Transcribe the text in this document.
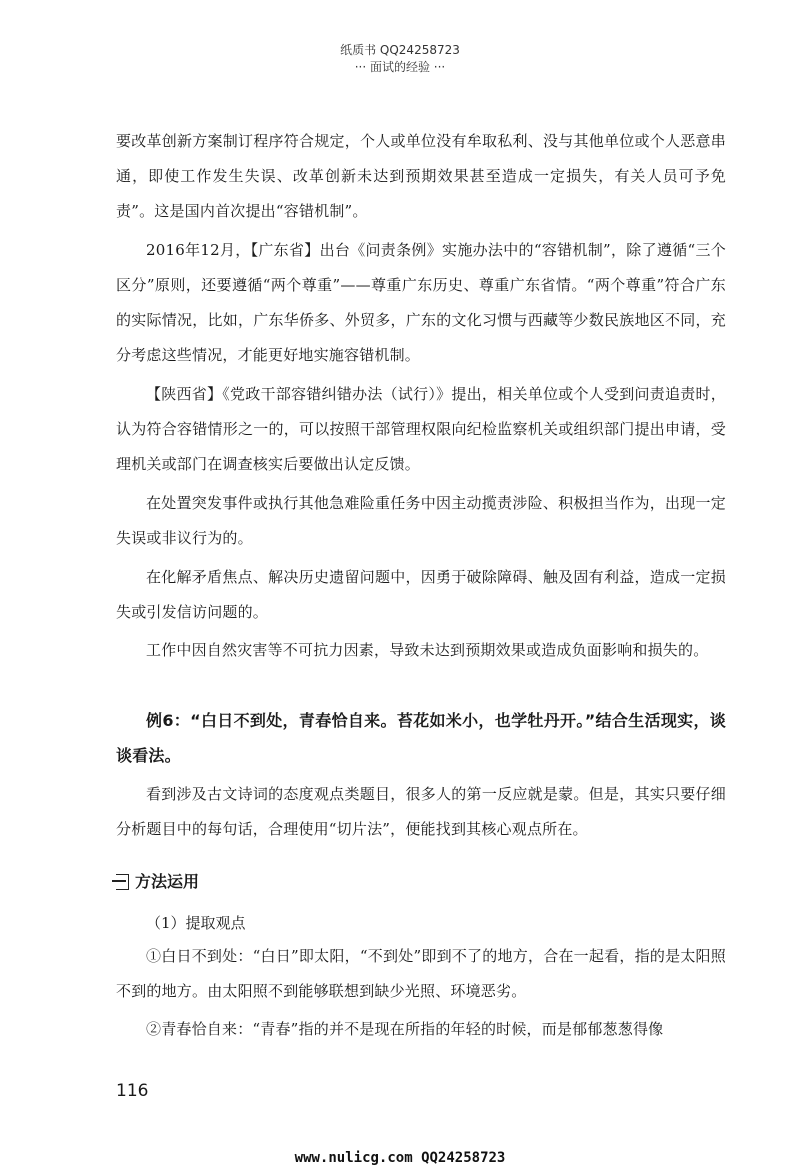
纸质书 QQ24258723
··· 面试的经验 ···

要改革创新方案制订程序符合规定，个人或单位没有牟取私利、没与其他单位或个人恶意串通，即使工作发生失误、改革创新未达到预期效果甚至造成一定损失，有关人员可予免责”。这是国内首次提出“容错机制”。

2016年12月，【广东省】出台《问责条例》实施办法中的“容错机制”，除了遵循“三个区分”原则，还要遵循“两个尊重”——尊重广东历史、尊重广东省情。“两个尊重”符合广东的实际情况，比如，广东华侨多、外贸多，广东的文化习惯与西藏等少数民族地区不同，充分考虑这些情况，才能更好地实施容错机制。

【陕西省】《党政干部容错纠错办法（试行）》提出，相关单位或个人受到问责追责时，认为符合容错情形之一的，可以按照干部管理权限向纪检监察机关或组织部门提出申请，受理机关或部门在调查核实后要做出认定反馈。

在处置突发事件或执行其他急难险重任务中因主动揽责涉险、积极担当作为，出现一定失误或非议行为的。

在化解矛盾焦点、解决历史遗留问题中，因勇于破除障碍、触及固有利益，造成一定损失或引发信访问题的。

工作中因自然灾害等不可抗力因素，导致未达到预期效果或造成负面影响和损失的。

例6：“白日不到处，青春恰自来。苔花如米小，也学牡丹开。”结合生活现实，谈谈看法。

看到涉及古文诗词的态度观点类题目，很多人的第一反应就是蒙。但是，其实只要仔细分析题目中的每句话，合理使用“切片法”，便能找到其核心观点所在。

方法运用
（1）提取观点

①白日不到处：“白日”即太阳，“不到处”即到不了的地方，合在一起看，指的是太阳照不到的地方。由太阳照不到能够联想到缺少光照、环境恶劣。

②青春恰自来：“青春”指的并不是现在所指的年轻的时候，而是郁郁葱葱得像

116
www.nulicg.com QQ24258723
